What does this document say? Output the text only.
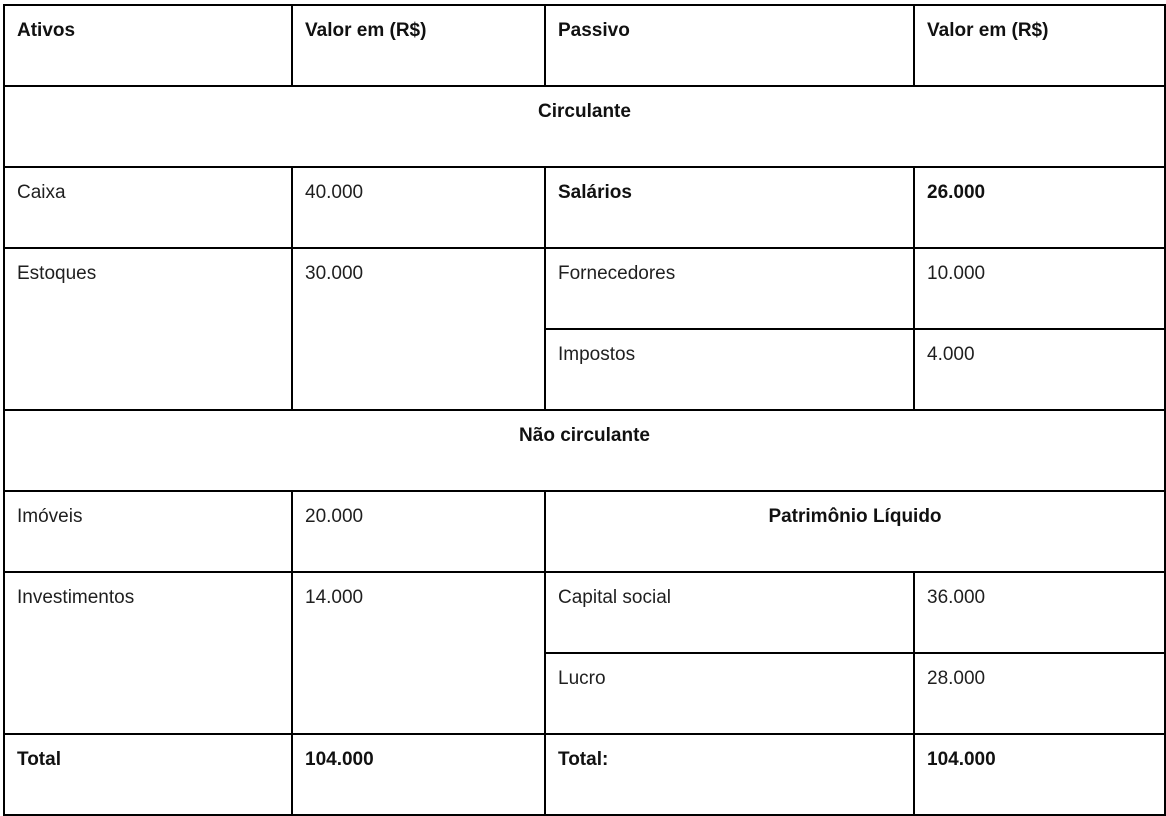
Ativos	Valor em (R$)	Passivo	Valor em (R$)
Circulante			
Caixa	40.000	Salários	26.000
Estoques	30.000	Fornecedores	10.000
		Impostos	4.000
Não circulante			
Imóveis	20.000	Patrimônio Líquido	
Investimentos	14.000	Capital social	36.000
		Lucro	28.000
Total	104.000	Total:	104.000
